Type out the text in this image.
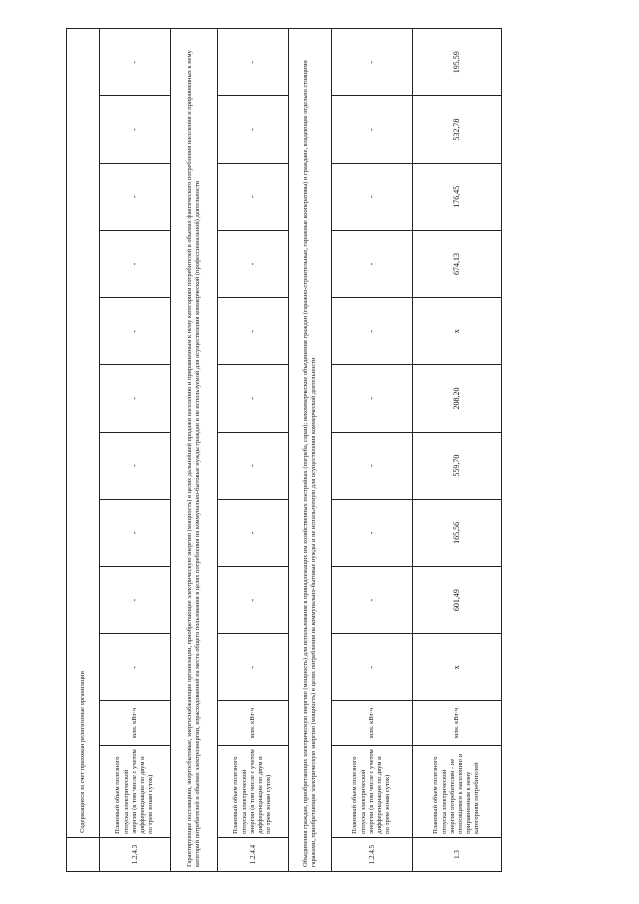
	Содержащиеся за счет прихожан религиозные организации											
1.2.4.3	Плановый объем полезного отпуска электрической энергии (в том числе с учетом дифференциации по двум и по трем зонам суток)	млн. кВт·ч	-	-	-	-	-	-	-	-	-	-
Гарантирующие поставщики, энергосбытовые, энергоснабжающие организации, приобретающие электрическую энергию (мощность) в целях дальнейшей продажи населению и приравненным к нему категориям потребителей в объемах фактического потребления населения и приравненных к нему категорий потребителей и объемах электроэнергии, израсходованной на места общего пользования в целях потребления на коммунально-бытовые нужды граждан и не используемой для осуществления коммерческой (профессиональной) деятельности												
1.2.4.4	Плановый объем полезного отпуска электрической энергии (в том числе с учетом дифференциации по двум и по трем зонам суток)	млн. кВт·ч	-	-	-	-	-	-	-	-	-	-
Объединения граждан, приобретающих электрическую энергию (мощность) для использования в принадлежащих им хозяйственных постройках (погреба, сараи); некоммерческие объединения граждан (гаражно-строительные, гаражные кооперативы) и граждане, владеющие отдельно стоящими гаражами, приобретающие электрическую энергию (мощность) в целях потребления на коммунально-бытовые нужды и не используемую для осуществления коммерческой деятельности												
1.2.4.5	Плановый объем полезного отпуска электрической энергии (в том числе с учетом дифференциации по двум и по трем зонам суток)	млн. кВт·ч	-	-	-	-	-	-	-	-	-	-
1.3	Плановый объем полезного отпуска электрической энергии потребителям - не относящимся к населению и приравненным к нему категориям потребителей	млн. кВт·ч	x	601,49	165,56	559,70	208,20	x	674,13	176,45	532,78	195,59
